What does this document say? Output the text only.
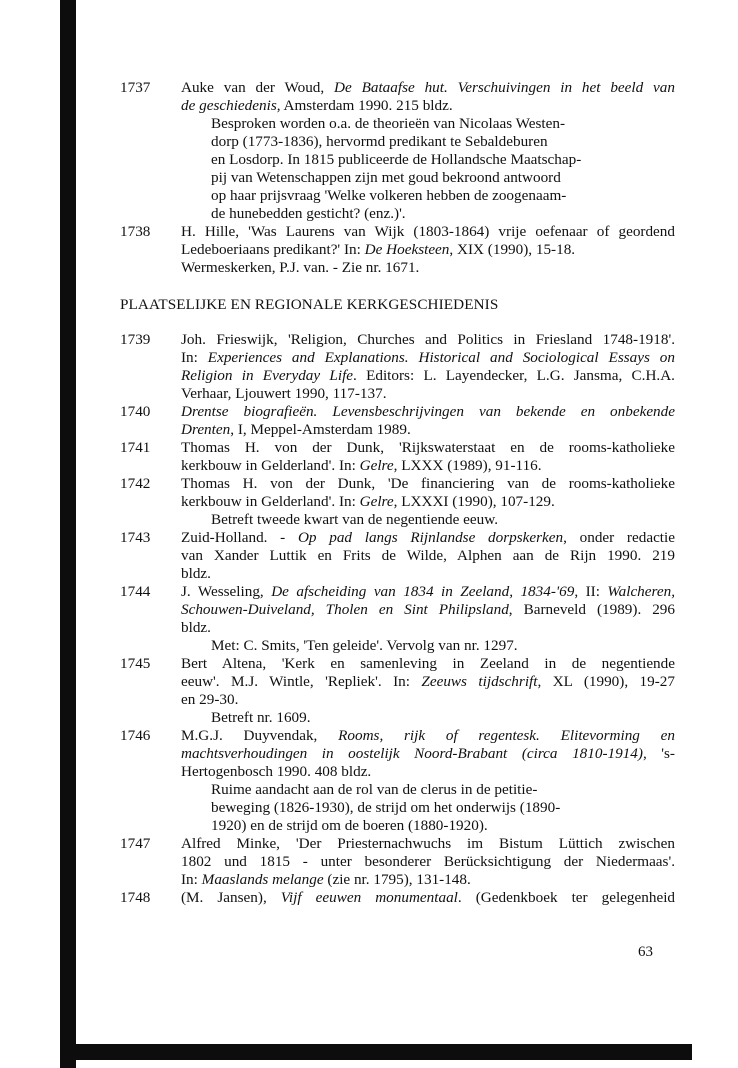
1737	Auke van der Woud, De Bataafse hut. Verschuivingen in het beeld van
de geschiedenis, Amsterdam 1990. 215 bldz.
Besproken worden o.a. de theorieën van Nicolaas Westen-
dorp (1773-1836), hervormd predikant te Sebaldeburen
en Losdorp. In 1815 publiceerde de Hollandsche Maatschap-
pij van Wetenschappen zijn met goud bekroond antwoord
op haar prijsvraag 'Welke volkeren hebben de zoogenaam-
de hunebedden gesticht? (enz.)'.
1738	H. Hille, 'Was Laurens van Wijk (1803-1864) vrije oefenaar of geordend
Ledeboeriaans predikant?' In: De Hoeksteen, XIX (1990), 15-18.
Wermeskerken, P.J. van. - Zie nr. 1671.
PLAATSELIJKE EN REGIONALE KERKGESCHIEDENIS
1739	Joh. Frieswijk, 'Religion, Churches and Politics in Friesland 1748-1918'.
In: Experiences and Explanations. Historical and Sociological Essays on
Religion in Everyday Life. Editors: L. Layendecker, L.G. Jansma, C.H.A.
Verhaar, Ljouwert 1990, 117-137.
1740	Drentse biografieën. Levensbeschrijvingen van bekende en onbekende
Drenten, I, Meppel-Amsterdam 1989.
1741	Thomas H. von der Dunk, 'Rijkswaterstaat en de rooms-katholieke
kerkbouw in Gelderland'. In: Gelre, LXXX (1989), 91-116.
1742	Thomas H. von der Dunk, 'De financiering van de rooms-katholieke
kerkbouw in Gelderland'. In: Gelre, LXXXI (1990), 107-129.
Betreft tweede kwart van de negentiende eeuw.
1743	Zuid-Holland. - Op pad langs Rijnlandse dorpskerken, onder redactie
van Xander Luttik en Frits de Wilde, Alphen aan de Rijn 1990. 219
bldz.
1744	J. Wesseling, De afscheiding van 1834 in Zeeland, 1834-'69, II: Walcheren,
Schouwen-Duiveland, Tholen en Sint Philipsland, Barneveld (1989). 296
bldz.
Met: C. Smits, 'Ten geleide'. Vervolg van nr. 1297.
1745	Bert Altena, 'Kerk en samenleving in Zeeland in de negentiende
eeuw'. M.J. Wintle, 'Repliek'. In: Zeeuws tijdschrift, XL (1990), 19-27
en 29-30.
Betreft nr. 1609.
1746	M.G.J. Duyvendak, Rooms, rijk of regentesk. Elitevorming en
machtsverhoudingen in oostelijk Noord-Brabant (circa 1810-1914), 's-
Hertogenbosch 1990. 408 bldz.
Ruime aandacht aan de rol van de clerus in de petitie-
beweging (1826-1930), de strijd om het onderwijs (1890-
1920) en de strijd om de boeren (1880-1920).
1747	Alfred Minke, 'Der Priesternachwuchs im Bistum Lüttich zwischen
1802 und 1815 - unter besonderer Berücksichtigung der Niedermaas'.
In: Maaslands melange (zie nr. 1795), 131-148.
1748	(M. Jansen), Vijf eeuwen monumentaal. (Gedenkboek ter gelegenheid
63
